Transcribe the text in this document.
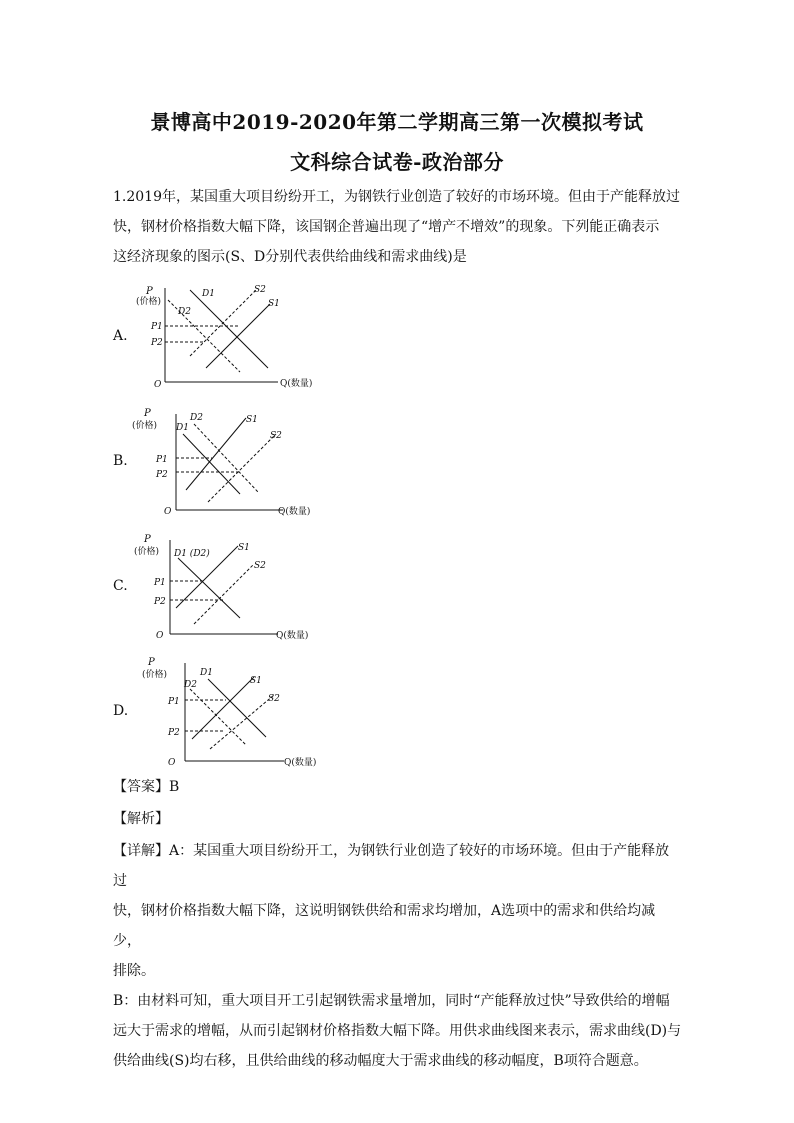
景博高中2019-2020年第二学期高三第一次模拟考试
文科综合试卷-政治部分

1.2019年，某国重大项目纷纷开工，为钢铁行业创造了较好的市场环境。但由于产能释放过

快，钢材价格指数大幅下降，该国钢企普遍出现了“增产不增效”的现象。下列能正确表示

这经济现象的图示(S、D分别代表供给曲线和需求曲线)是

A.
P
(价格)
O	Q(数量)
P1
P2
D2
D1	S2
S1
B.
P
(价格)
O	Q(数量)
P1
P2
D1
D2	S1
S2
C.
P
(价格)
O	Q(数量)
P1
P2
D1 (D2)
S1
S2
D.
P
(价格)
O	Q(数量)
P1
P2
D2
D1
S1
S2
【答案】B
【解析】

【详解】A：某国重大项目纷纷开工，为钢铁行业创造了较好的市场环境。但由于产能释放过

快，钢材价格指数大幅下降，这说明钢铁供给和需求均增加，A选项中的需求和供给均减少，

排除。

B：由材料可知，重大项目开工引起钢铁需求量增加，同时“产能释放过快”导致供给的增幅

远大于需求的增幅，从而引起钢材价格指数大幅下降。用供求曲线图来表示，需求曲线(D)与

供给曲线(S)均右移，且供给曲线的移动幅度大于需求曲线的移动幅度，B项符合题意。
